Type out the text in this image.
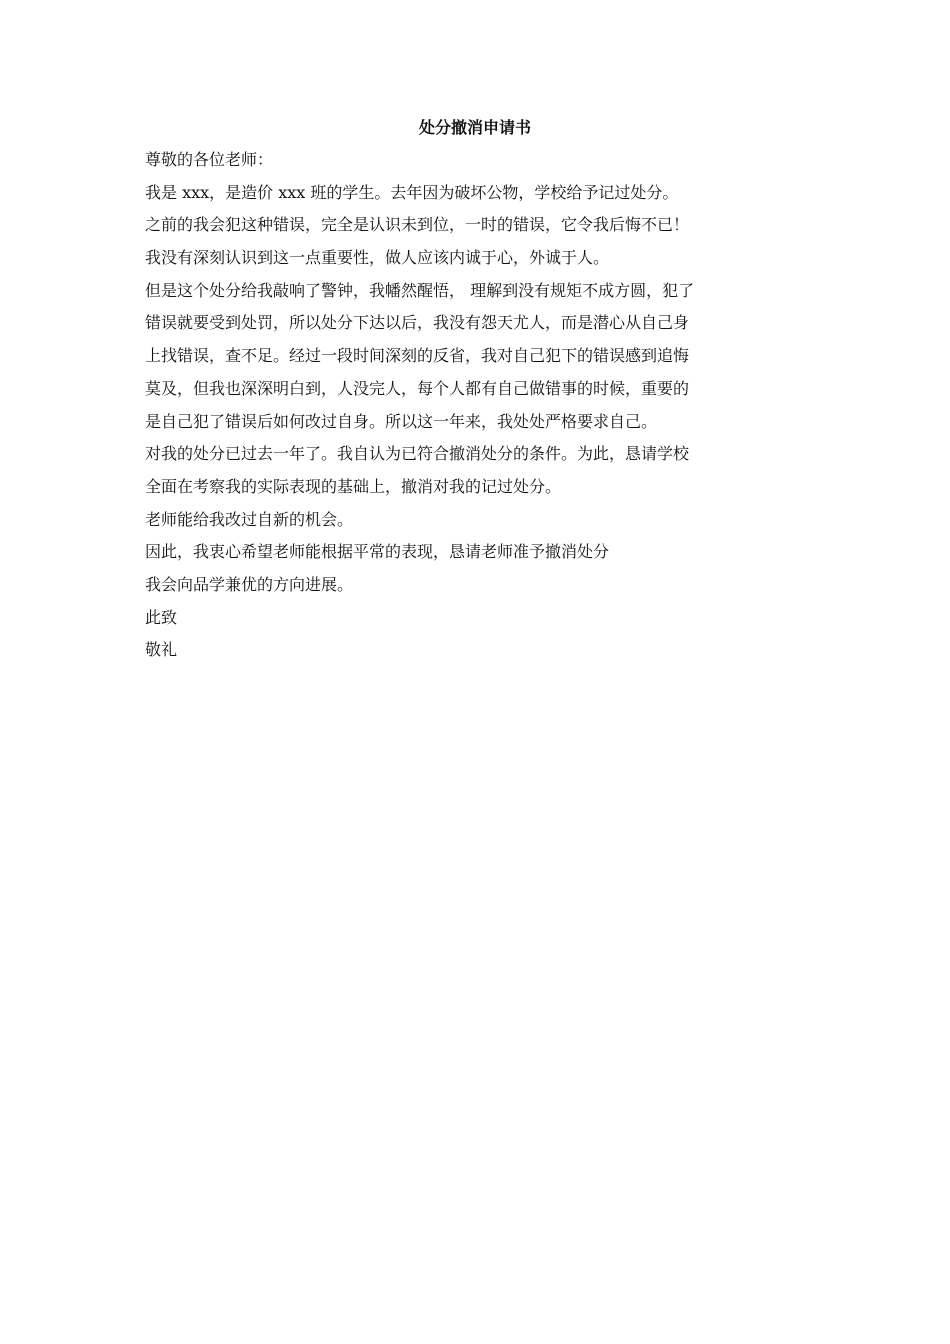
处分撤消申请书

尊敬的各位老师：

我是 xxx，是造价 xxx 班的学生。去年因为破坏公物，学校给予记过处分。

之前的我会犯这种错误，完全是认识未到位，一时的错误，它令我后悔不已！

我没有深刻认识到这一点重要性，做人应该内诚于心，外诚于人。

但是这个处分给我敲响了警钟，我幡然醒悟， 理解到没有规矩不成方圆，犯了

错误就要受到处罚，所以处分下达以后，我没有怨天尤人，而是潜心从自己身

上找错误，查不足。经过一段时间深刻的反省，我对自己犯下的错误感到追悔

莫及，但我也深深明白到，人没完人，每个人都有自己做错事的时候，重要的

是自己犯了错误后如何改过自身。所以这一年来，我处处严格要求自己。

对我的处分已过去一年了。我自认为已符合撤消处分的条件。为此，恳请学校

全面在考察我的实际表现的基础上，撤消对我的记过处分。

老师能给我改过自新的机会。

因此，我衷心希望老师能根据平常的表现，恳请老师准予撤消处分

我会向品学兼优的方向进展。

此致

敬礼
